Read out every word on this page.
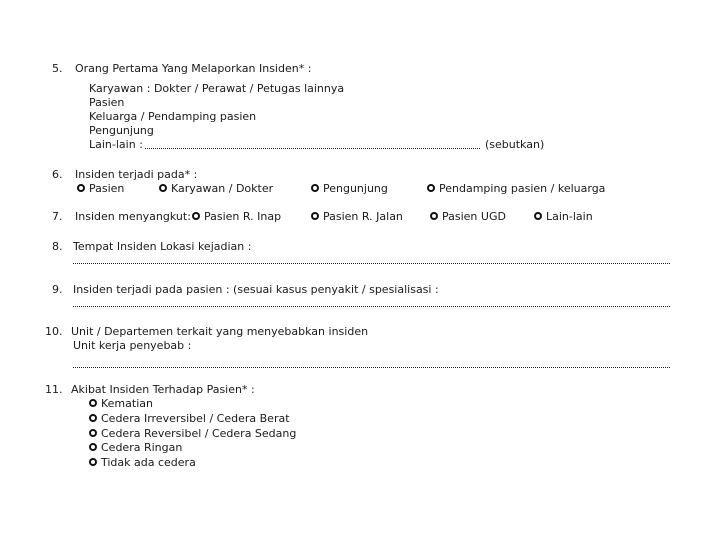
5. Orang Pertama Yang Melaporkan Insiden* :
Karyawan : Dokter / Perawat / Petugas lainnya
Pasien
Keluarga / Pendamping pasien
Pengunjung
Lain-lain :	(sebutkan)
6. Insiden terjadi pada* :
Pasien	Karyawan / Dokter	Pengunjung	Pendamping pasien / keluarga
7. Insiden menyangkut:	Pasien R. Inap	Pasien R. Jalan	Pasien UGD	Lain-lain
8. Tempat Insiden Lokasi kejadian :
9. Insiden terjadi pada pasien : (sesuai kasus penyakit / spesialisasi :
10. Unit / Departemen terkait yang menyebabkan insiden
Unit kerja penyebab :
11. Akibat Insiden Terhadap Pasien* :
Kematian
Cedera Irreversibel / Cedera Berat
Cedera Reversibel / Cedera Sedang
Cedera Ringan
Tidak ada cedera
